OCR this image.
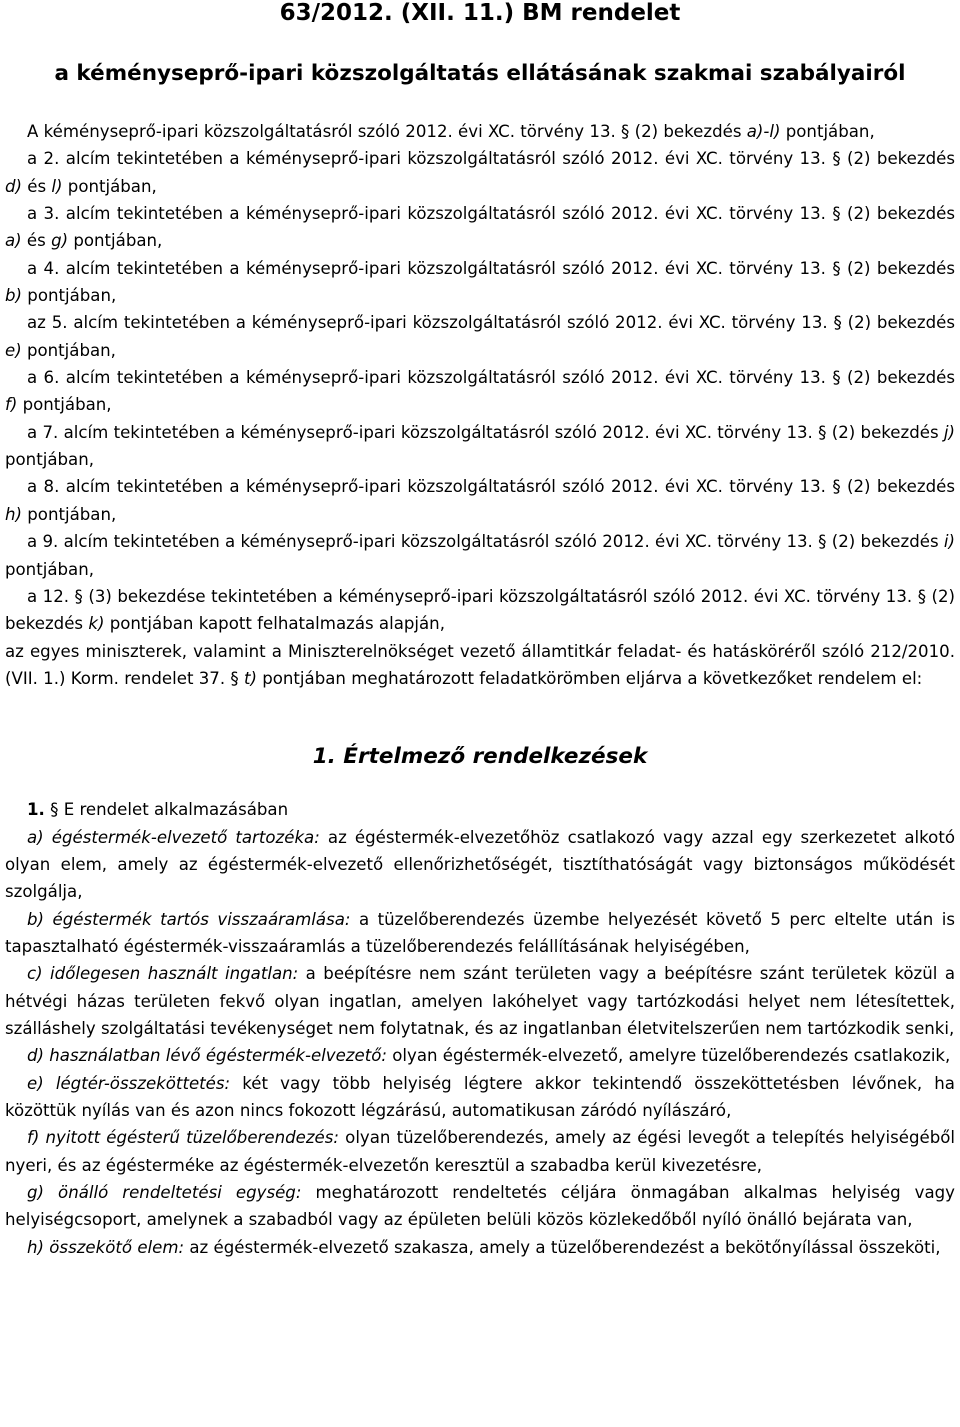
63/2012. (XII. 11.) BM rendelet
a kéményseprő-ipari közszolgáltatás ellátásának szakmai szabályairól

A kéményseprő-ipari közszolgáltatásról szóló 2012. évi XC. törvény 13. § (2) bekezdés a)-l) pontjában,

a 2. alcím tekintetében a kéményseprő-ipari közszolgáltatásról szóló 2012. évi XC. törvény 13. § (2) bekezdés d) és l) pontjában,

a 3. alcím tekintetében a kéményseprő-ipari közszolgáltatásról szóló 2012. évi XC. törvény 13. § (2) bekezdés a) és g) pontjában,

a 4. alcím tekintetében a kéményseprő-ipari közszolgáltatásról szóló 2012. évi XC. törvény 13. § (2) bekezdés b) pontjában,

az 5. alcím tekintetében a kéményseprő-ipari közszolgáltatásról szóló 2012. évi XC. törvény 13. § (2) bekezdés e) pontjában,

a 6. alcím tekintetében a kéményseprő-ipari közszolgáltatásról szóló 2012. évi XC. törvény 13. § (2) bekezdés f) pontjában,

a 7. alcím tekintetében a kéményseprő-ipari közszolgáltatásról szóló 2012. évi XC. törvény 13. § (2) bekezdés j) pontjában,

a 8. alcím tekintetében a kéményseprő-ipari közszolgáltatásról szóló 2012. évi XC. törvény 13. § (2) bekezdés h) pontjában,

a 9. alcím tekintetében a kéményseprő-ipari közszolgáltatásról szóló 2012. évi XC. törvény 13. § (2) bekezdés i) pontjában,

a 12. § (3) bekezdése tekintetében a kéményseprő-ipari közszolgáltatásról szóló 2012. évi XC. törvény 13. § (2) bekezdés k) pontjában kapott felhatalmazás alapján,

az egyes miniszterek, valamint a Miniszterelnökséget vezető államtitkár feladat- és hatásköréről szóló 212/2010. (VII. 1.) Korm. rendelet 37. § t) pontjában meghatározott feladatkörömben eljárva a következőket rendelem el:

1. Értelmező rendelkezések

1. § E rendelet alkalmazásában

a) égéstermék-elvezető tartozéka: az égéstermék-elvezetőhöz csatlakozó vagy azzal egy szerkezetet alkotó olyan elem, amely az égéstermék-elvezető ellenőrizhetőségét, tisztíthatóságát vagy biztonságos működését szolgálja,

b) égéstermék tartós visszaáramlása: a tüzelőberendezés üzembe helyezését követő 5 perc elteltе után is tapasztalható égéstermék-visszaáramlás a tüzelőberendezés felállításának helyiségében,

c) időlegesen használt ingatlan: a beépítésre nem szánt területen vagy a beépítésre szánt területek közül a hétvégi házas területen fekvő olyan ingatlan, amelyen lakóhelyet vagy tartózkodási helyet nem létesítettek, szálláshely szolgáltatási tevékenységet nem folytatnak, és az ingatlanban életvitelszerűen nem tartózkodik senki,

d) használatban lévő égéstermék-elvezető: olyan égéstermék-elvezető, amelyre tüzelőberendezés csatlakozik,

e) légtér-összeköttetés: két vagy több helyiség légtere akkor tekintendő összeköttetésben lévőnek, ha közöttük nyílás van és azon nincs fokozott légzárású, automatikusan záródó nyílászáró,

f) nyitott égésterű tüzelőberendezés: olyan tüzelőberendezés, amely az égési levegőt a telepítés helyiségéből nyeri, és az égésterméke az égéstermék-elvezetőn keresztül a szabadba kerül kivezetésre,

g) önálló rendeltetési egység: meghatározott rendeltetés céljára önmagában alkalmas helyiség vagy helyiségcsoport, amelynek a szabadból vagy az épületen belüli közös közlekedőből nyíló önálló bejárata van,

h) összekötő elem: az égéstermék-elvezető szakasza, amely a tüzelőberendezést a bekötőnyílással összeköti,
